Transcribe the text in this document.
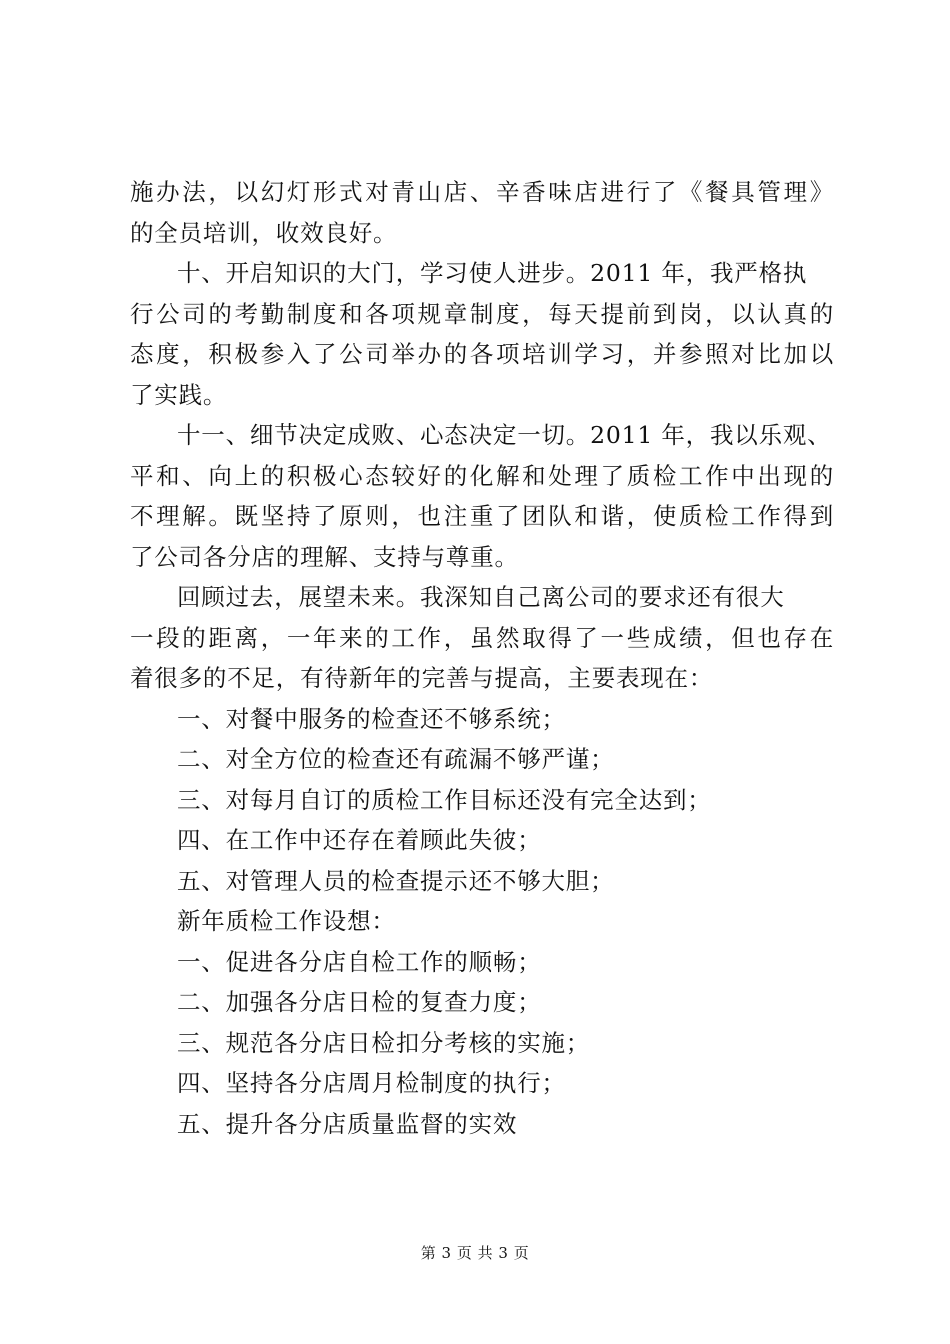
施办法，以幻灯形式对青山店、辛香味店进行了《餐具管理》
的全员培训，收效良好。
十、开启知识的大门，学习使人进步。2011 年，我严格执
行公司的考勤制度和各项规章制度，每天提前到岗，以认真的
态度，积极参入了公司举办的各项培训学习，并参照对比加以
了实践。
十一、细节决定成败、心态决定一切。2011 年，我以乐观、
平和、向上的积极心态较好的化解和处理了质检工作中出现的
不理解。既坚持了原则，也注重了团队和谐，使质检工作得到
了公司各分店的理解、支持与尊重。
回顾过去，展望未来。我深知自己离公司的要求还有很大
一段的距离，一年来的工作，虽然取得了一些成绩，但也存在
着很多的不足，有待新年的完善与提高，主要表现在：
一、对餐中服务的检查还不够系统；
二、对全方位的检查还有疏漏不够严谨；
三、对每月自订的质检工作目标还没有完全达到；
四、在工作中还存在着顾此失彼；
五、对管理人员的检查提示还不够大胆；
新年质检工作设想：
一、促进各分店自检工作的顺畅；
二、加强各分店日检的复查力度；
三、规范各分店日检扣分考核的实施；
四、坚持各分店周月检制度的执行；
五、提升各分店质量监督的实效
第 3 页 共 3 页
